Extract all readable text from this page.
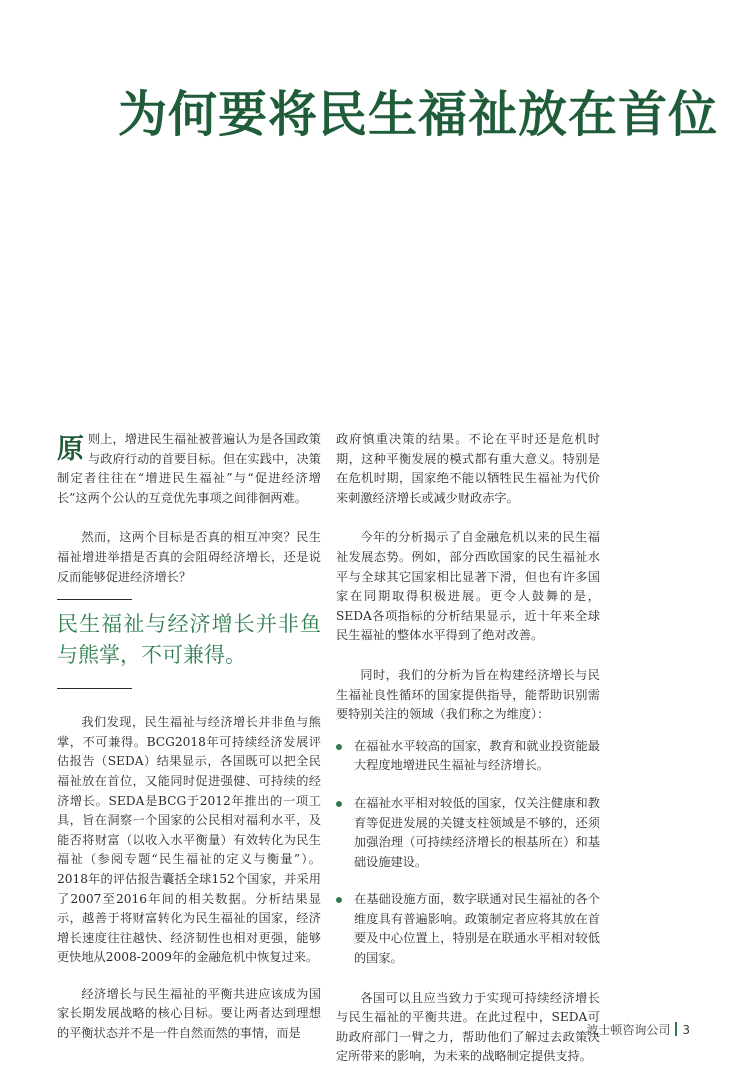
为何要将民生福祉放在首位

原则上，增进民生福祉被普遍认为是各国政策与政府行动的首要目标。但在实践中，决策制定者往往在“增进民生福祉”与“促进经济增长”这两个公认的互竞优先事项之间徘徊两难。

然而，这两个目标是否真的相互冲突？民生福祉增进举措是否真的会阻碍经济增长，还是说反而能够促进经济增长？

民生福祉与经济增长并非鱼与熊掌，不可兼得。

我们发现，民生福祉与经济增长并非鱼与熊掌，不可兼得。BCG2018年可持续经济发展评估报告（SEDA）结果显示，各国既可以把全民福祉放在首位，又能同时促进强健、可持续的经济增长。SEDA是BCG于2012年推出的一项工具，旨在洞察一个国家的公民相对福利水平，及能否将财富（以收入水平衡量）有效转化为民生福祉（参阅专题“民生福祉的定义与衡量”）。2018年的评估报告囊括全球152个国家，并采用了2007至2016年间的相关数据。分析结果显示，越善于将财富转化为民生福祉的国家，经济增长速度往往越快、经济韧性也相对更强，能够更快地从2008-2009年的金融危机中恢复过来。

经济增长与民生福祉的平衡共进应该成为国家长期发展战略的核心目标。要让两者达到理想的平衡状态并不是一件自然而然的事情，而是

政府慎重决策的结果。不论在平时还是危机时期，这种平衡发展的模式都有重大意义。特别是在危机时期，国家绝不能以牺牲民生福祉为代价来刺激经济增长或减少财政赤字。

今年的分析揭示了自金融危机以来的民生福祉发展态势。例如，部分西欧国家的民生福祉水平与全球其它国家相比显著下滑，但也有许多国家在同期取得积极进展。更令人鼓舞的是，SEDA各项指标的分析结果显示，近十年来全球民生福祉的整体水平得到了绝对改善。

同时，我们的分析为旨在构建经济增长与民生福祉良性循环的国家提供指导，能帮助识别需要特别关注的领域（我们称之为维度）：

在福祉水平较高的国家，教育和就业投资能最大程度地增进民生福祉与经济增长。
在福祉水平相对较低的国家，仅关注健康和教育等促进发展的关键支柱领域是不够的，还须加强治理（可持续经济增长的根基所在）和基础设施建设。
在基础设施方面，数字联通对民生福祉的各个维度具有普遍影响。政策制定者应将其放在首要及中心位置上，特别是在联通水平相对较低的国家。

各国可以且应当致力于实现可持续经济增长与民生福祉的平衡共进。在此过程中，SEDA可助政府部门一臂之力，帮助他们了解过去政策决定所带来的影响，为未来的战略制定提供支持。

波士顿咨询公司 3
